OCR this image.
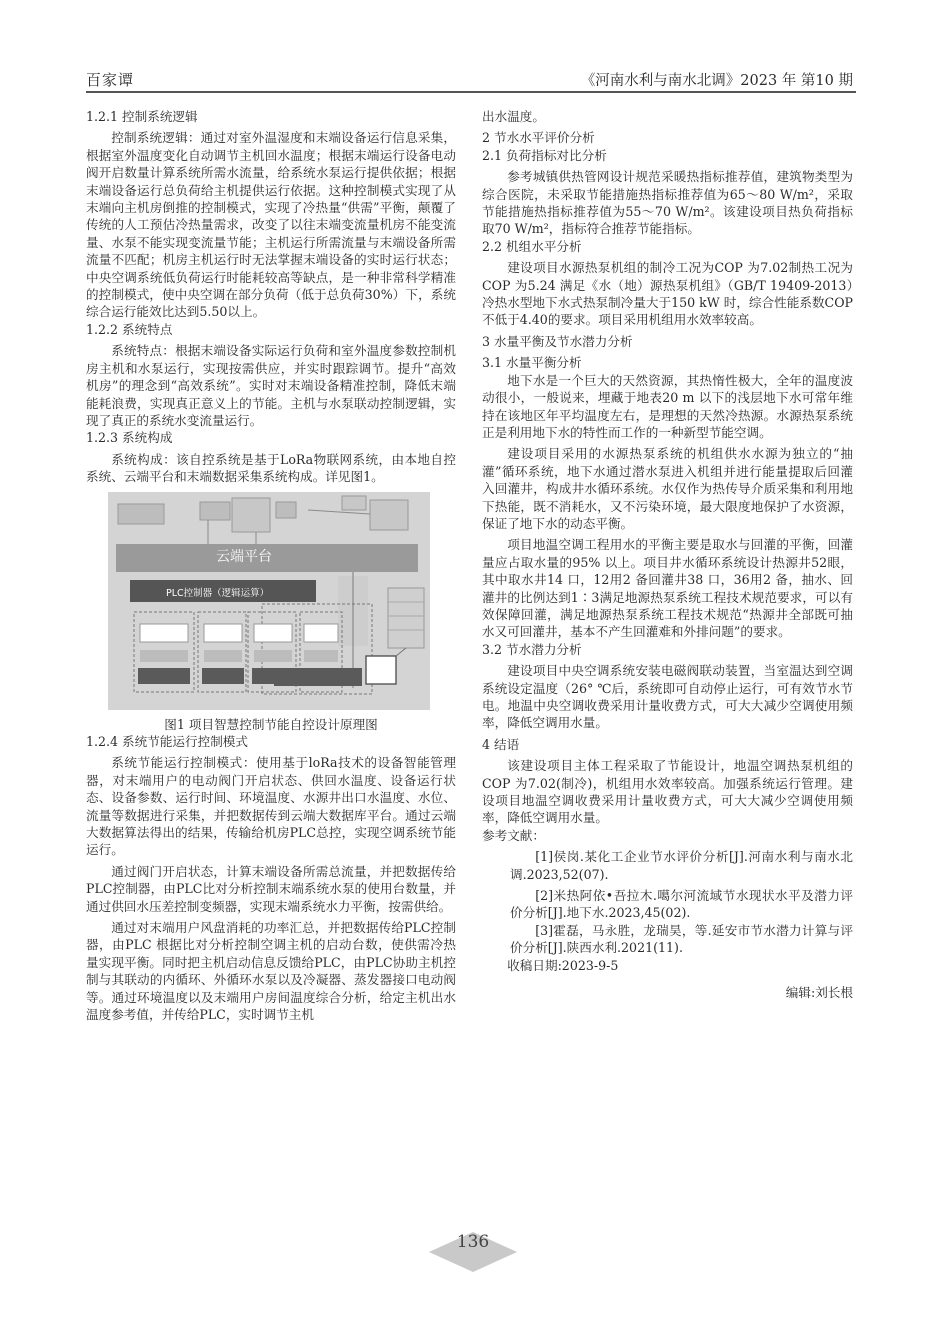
百家谭	《河南水利与南水北调》2023 年 第10 期
1.2.1 控制系统逻辑

控制系统逻辑：通过对室外温湿度和末端设备运行信息采集，根据室外温度变化自动调节主机回水温度；根据末端运行设备电动阀开启数量计算系统所需水流量，给系统水泵运行提供依据；根据末端设备运行总负荷给主机提供运行依据。这种控制模式实现了从末端向主机房倒推的控制模式，实现了冷热量“供需”平衡，颠覆了传统的人工预估冷热量需求，改变了以往末端变流量机房不能变流量、水泵不能实现变流量节能；主机运行所需流量与末端设备所需流量不匹配；机房主机运行时无法掌握末端设备的实时运行状态；中央空调系统低负荷运行时能耗较高等缺点，是一种非常科学精准的控制模式，使中央空调在部分负荷（低于总负荷30%）下，系统综合运行能效比达到5.50以上。

1.2.2 系统特点

系统特点：根据末端设备实际运行负荷和室外温度参数控制机房主机和水泵运行，实现按需供应，并实时跟踪调节。提升“高效机房”的理念到“高效系统”。实时对末端设备精准控制，降低末端能耗浪费，实现真正意义上的节能。主机与水泵联动控制逻辑，实现了真正的系统水变流量运行。

1.2.3 系统构成

系统构成：该自控系统是基于LoRa物联网系统，由本地自控系统、云端平台和末端数据采集系统构成。详见图1。

云端平台
PLC控制器（逻辑运算）
图1 项目智慧控制节能自控设计原理图
1.2.4 系统节能运行控制模式

系统节能运行控制模式：使用基于loRa技术的设备智能管理器，对末端用户的电动阀门开启状态、供回水温度、设备运行状态、设备参数、运行时间、环境温度、水源井出口水温度、水位、流量等数据进行采集，并把数据传到云端大数据库平台。通过云端大数据算法得出的结果，传输给机房PLC总控，实现空调系统节能运行。

通过阀门开启状态，计算末端设备所需总流量，并把数据传给PLC控制器，由PLC比对分析控制末端系统水泵的使用台数量，并通过供回水压差控制变频器，实现末端系统水力平衡，按需供给。

通过对末端用户风盘消耗的功率汇总，并把数据传给PLC控制器，由PLC 根据比对分析控制空调主机的启动台数，使供需冷热量实现平衡。同时把主机启动信息反馈给PLC，由PLC协助主机控制与其联动的内循环、外循环水泵以及冷凝器、蒸发器接口电动阀等。通过环境温度以及末端用户房间温度综合分析，给定主机出水温度参考值，并传给PLC，实时调节主机

出水温度。

2 节水水平评价分析
2.1 负荷指标对比分析

参考城镇供热管网设计规范采暖热指标推荐值，建筑物类型为综合医院，未采取节能措施热指标推荐值为65～80 W/m²，采取节能措施热指标推荐值为55～70 W/m²。该建设项目热负荷指标取70 W/m²，指标符合推荐节能指标。

2.2 机组水平分析

建设项目水源热泵机组的制冷工况为COP 为7.02制热工况为COP 为5.24 满足《水（地）源热泵机组》（GB/T 19409-2013）冷热水型地下水式热泵制冷量大于150 kW 时，综合性能系数COP 不低于4.40的要求。项目采用机组用水效率较高。

3 水量平衡及节水潜力分析
3.1 水量平衡分析

地下水是一个巨大的天然资源，其热惰性极大，全年的温度波动很小，一般说来，埋藏于地表20 m 以下的浅层地下水可常年维持在该地区年平均温度左右，是理想的天然冷热源。水源热泵系统正是利用地下水的特性而工作的一种新型节能空调。

建设项目采用的水源热泵系统的机组供水水源为独立的“抽灌”循环系统，地下水通过潜水泵进入机组并进行能量提取后回灌入回灌井，构成井水循环系统。水仅作为热传导介质采集和利用地下热能，既不消耗水，又不污染环境，最大限度地保护了水资源，保证了地下水的动态平衡。

项目地温空调工程用水的平衡主要是取水与回灌的平衡，回灌量应占取水量的95% 以上。项目井水循环系统设计热源井52眼，其中取水井14 口，12用2 备回灌井38 口，36用2 备，抽水、回灌井的比例达到1∶3满足地源热泵系统工程技术规范要求，可以有效保障回灌，满足地源热泵系统工程技术规范“热源井全部既可抽水又可回灌井，基本不产生回灌难和外排问题”的要求。

3.2 节水潜力分析

建设项目中央空调系统安装电磁阀联动装置，当室温达到空调系统设定温度（26° ℃后，系统即可自动停止运行，可有效节水节电。地温中央空调收费采用计量收费方式，可大大减少空调使用频率，降低空调用水量。

4 结语

该建设项目主体工程采取了节能设计，地温空调热泵机组的COP 为7.02(制冷)，机组用水效率较高。加强系统运行管理。建设项目地温空调收费采用计量收费方式，可大大减少空调使用频率，降低空调用水量。

参考文献：

[1]侯岗.某化工企业节水评价分析[J].河南水利与南水北调.2023,52(07).

[2]米热阿依•吾拉木.噶尔河流域节水现状水平及潜力评价分析[J].地下水.2023,45(02).

[3]霍磊，马永胜，龙瑞昊，等.延安市节水潜力计算与评价分析[J].陕西水利.2021(11).

收稿日期:2023-9-5

编辑:刘长根
136
